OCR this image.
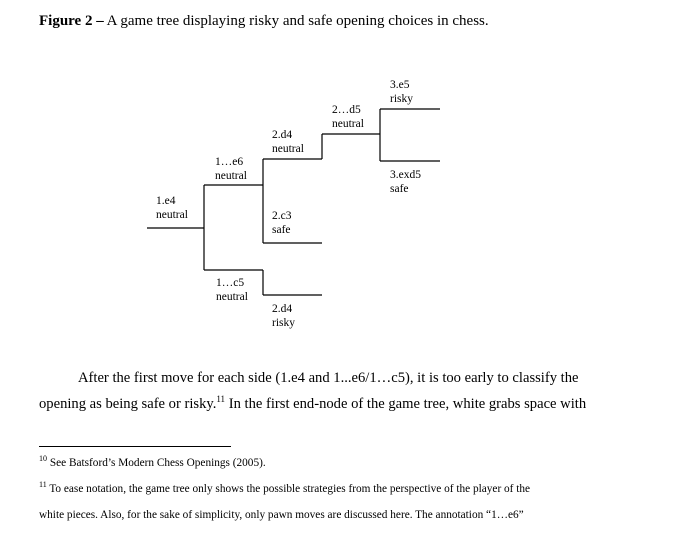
Figure 2 – A game tree displaying risky and safe opening choices in chess.
1.e4
neutral
1…e6
neutral
1…c5
neutral
2.d4
neutral
2…d5
neutral
3.e5
risky
3.exd5
safe
2.c3
safe
2.d4
risky
After the first move for each side (1.e4 and 1...e6/1…c5), it is too early to classify the
opening as being safe or risky.$^{11}$ In the first end-node of the game tree, white grabs space with
$^{10}$ See Batsford’s Modern Chess Openings (2005).
$^{11}$ To ease notation, the game tree only shows the possible strategies from the perspective of the player of the
white pieces. Also, for the sake of simplicity, only pawn moves are discussed here. The annotation “1…e6”
